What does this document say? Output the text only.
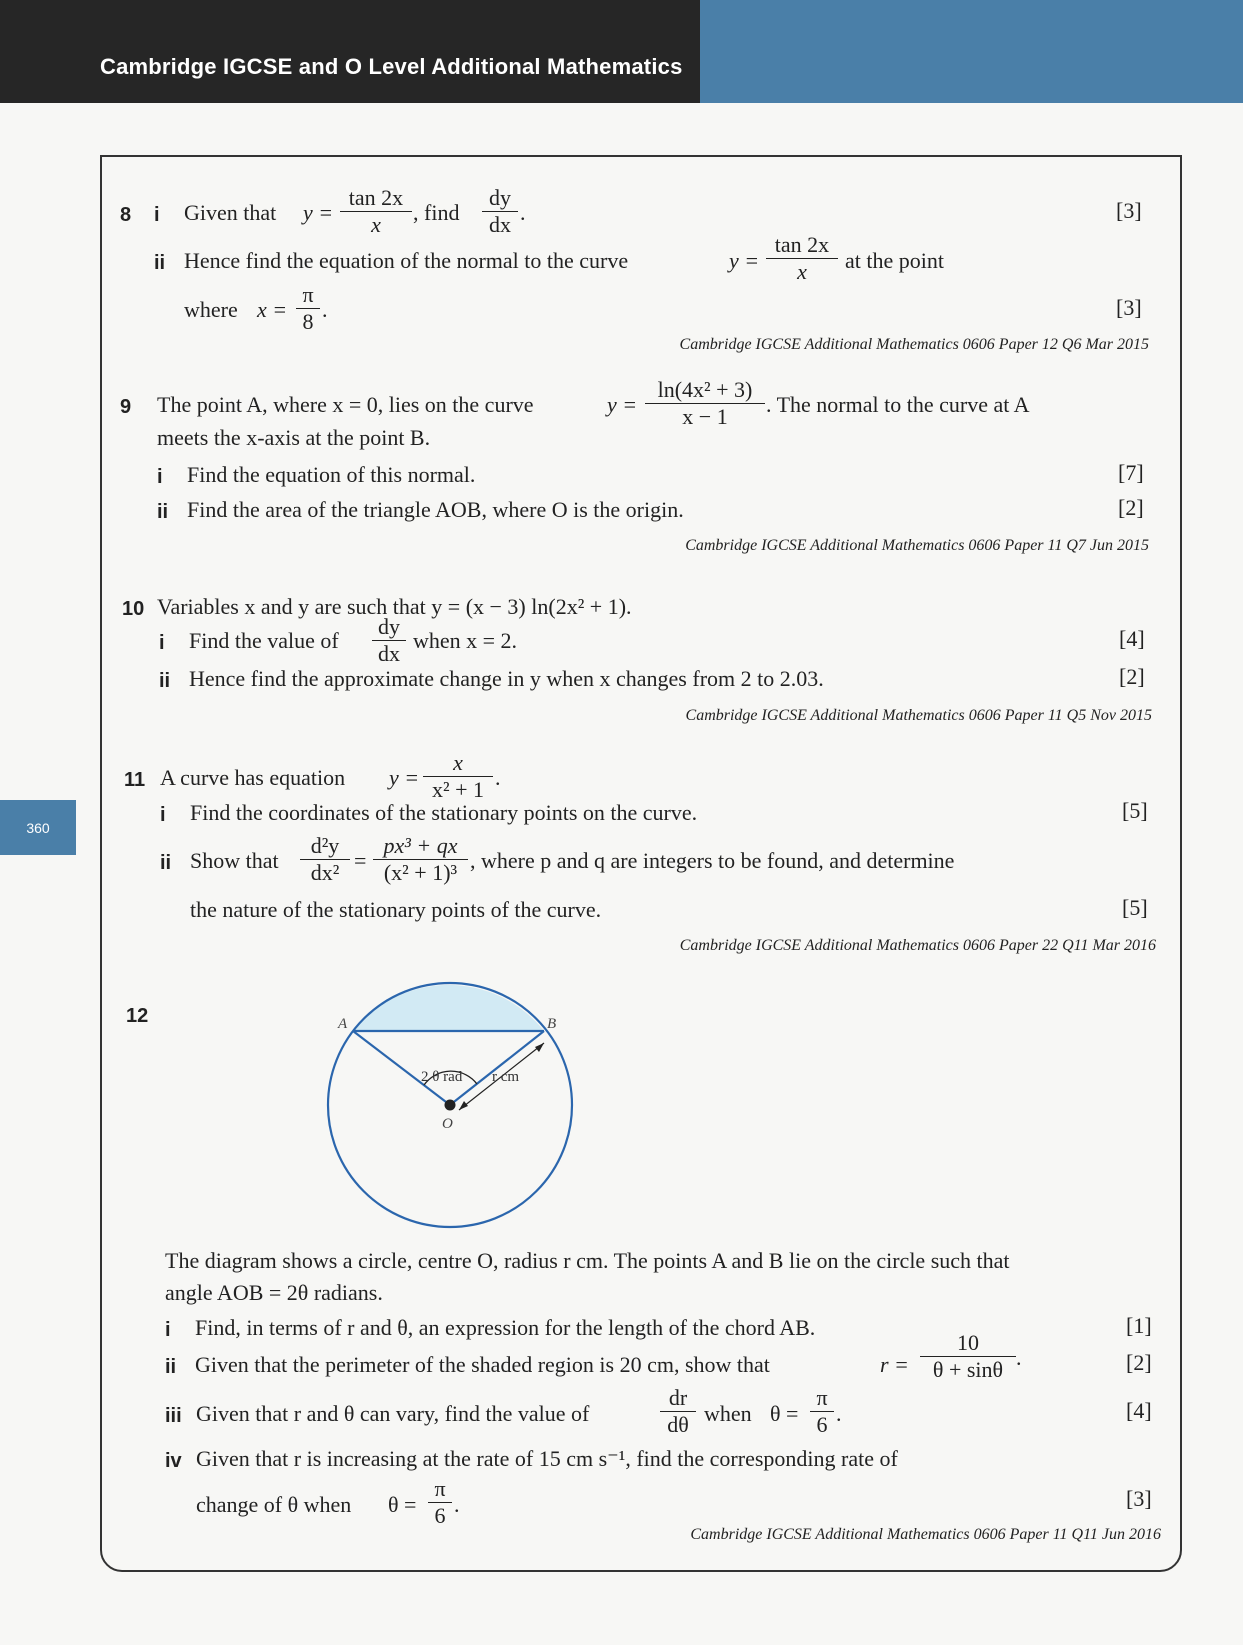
Cambridge IGCSE and O Level Additional Mathematics
360
8 i Given that $y = \frac{\tan 2x}{x}$ , find $\frac{dy}{dx}$ .	[3]
ii Hence find the equation of the normal to the curve	$y = \frac{\tan 2x}{x}$ at the point
where $x = \frac{\pi}{8}$ .	[3]
Cambridge IGCSE Additional Mathematics 0606 Paper 12 Q6 Mar 2015
9 The point A, where x = 0, lies on the curve	$y = \frac{\text{ln(4x² + 3)}}{x - 1}$ . The normal to the curve at A
meets the x-axis at the point B.
i Find the equation of this normal.	[7]
ii Find the area of the triangle AOB, where O is the origin.	[2]
Cambridge IGCSE Additional Mathematics 0606 Paper 11 Q7 Jun 2015
10 Variables x and y are such that y = (x − 3) ln(2x² + 1).
i Find the value of $\frac{dy}{dx}$ when x = 2.	[4]
ii Hence find the approximate change in y when x changes from 2 to 2.03.	[2]
Cambridge IGCSE Additional Mathematics 0606 Paper 11 Q5 Nov 2015
11 A curve has equation $y = \frac{x}{\text{x² + 1}}$ .
i Find the coordinates of the stationary points on the curve.	[5]
ii Show that $\frac{\text{d²y}}{\text{dx²}} = \frac{\text{px³ + qx}}{\text{(x² + 1)³}}$ , where p and q are integers to be found, and determine
the nature of the stationary points of the curve.	[5]
Cambridge IGCSE Additional Mathematics 0606 Paper 22 Q11 Mar 2016
12	A	B
O
2 θ rad r cm
The diagram shows a circle, centre O, radius r cm. The points A and B lie on the circle such that
angle AOB = 2θ radians.
i Find, in terms of r and θ, an expression for the length of the chord AB.	[1]
ii Given that the perimeter of the shaded region is 20 cm, show that	$r = \frac{10}{\theta + \sin\theta}$ .	[2]
iii Given that r and θ can vary, find the value of	$\frac{dr}{d\theta}$ when $\theta = \frac{\pi}{6}$ .	[4]
iv Given that r is increasing at the rate of 15 cm s⁻¹, find the corresponding rate of
change of θ when $\theta = \frac{\pi}{6}$ .	[3]
Cambridge IGCSE Additional Mathematics 0606 Paper 11 Q11 Jun 2016
